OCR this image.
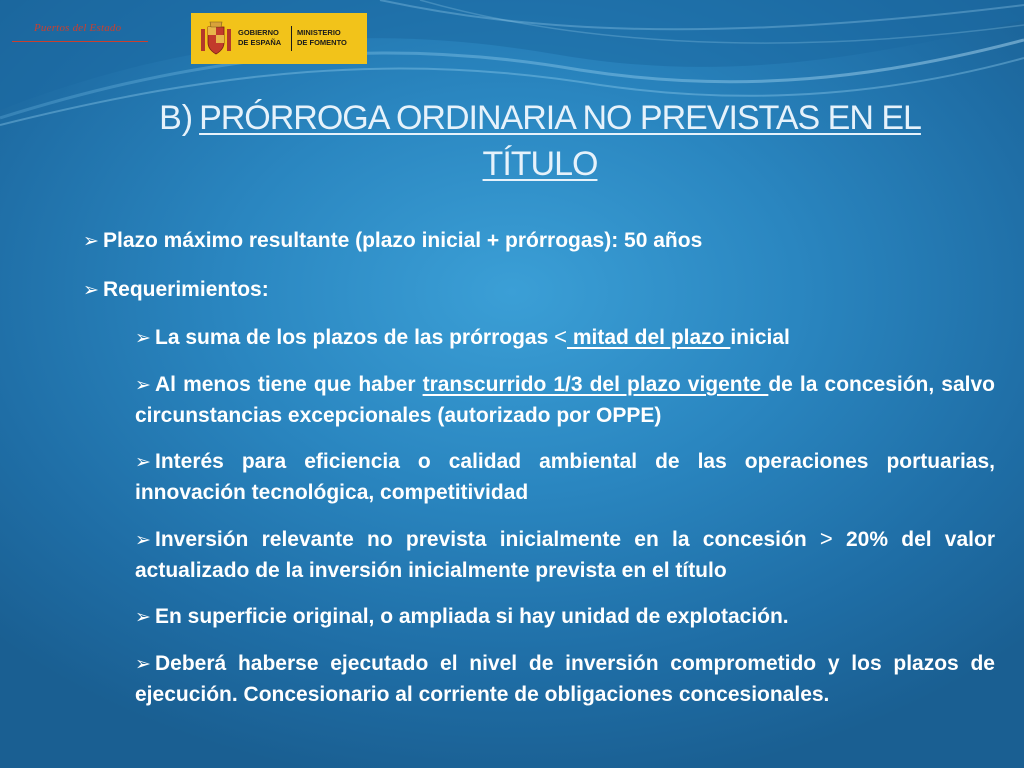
Puertos del Estado	GOBIERNO
DE ESPAÑA
MINISTERIO
DE FOMENTO
B) PRÓRROGA ORDINARIA NO PREVISTAS EN EL
TÍTULO
➢ Plazo máximo resultante (plazo inicial + prórrogas): 50 años
➢ Requerimientos:
➢ La suma de los plazos de las prórrogas < mitad del plazo inicial
➢ Al menos tiene que haber transcurrido 1/3 del plazo vigente de la concesión, salvo circunstancias excepcionales (autorizado por OPPE)
➢ Interés para eficiencia o calidad ambiental de las operaciones portuarias, innovación tecnológica, competitividad
➢ Inversión relevante no prevista inicialmente en la concesión > 20% del valor actualizado de la inversión inicialmente prevista en el título
➢ En superficie original, o ampliada si hay unidad de explotación.
➢ Deberá haberse ejecutado el nivel de inversión comprometido y los plazos de ejecución. Concesionario al corriente de obligaciones concesionales.
